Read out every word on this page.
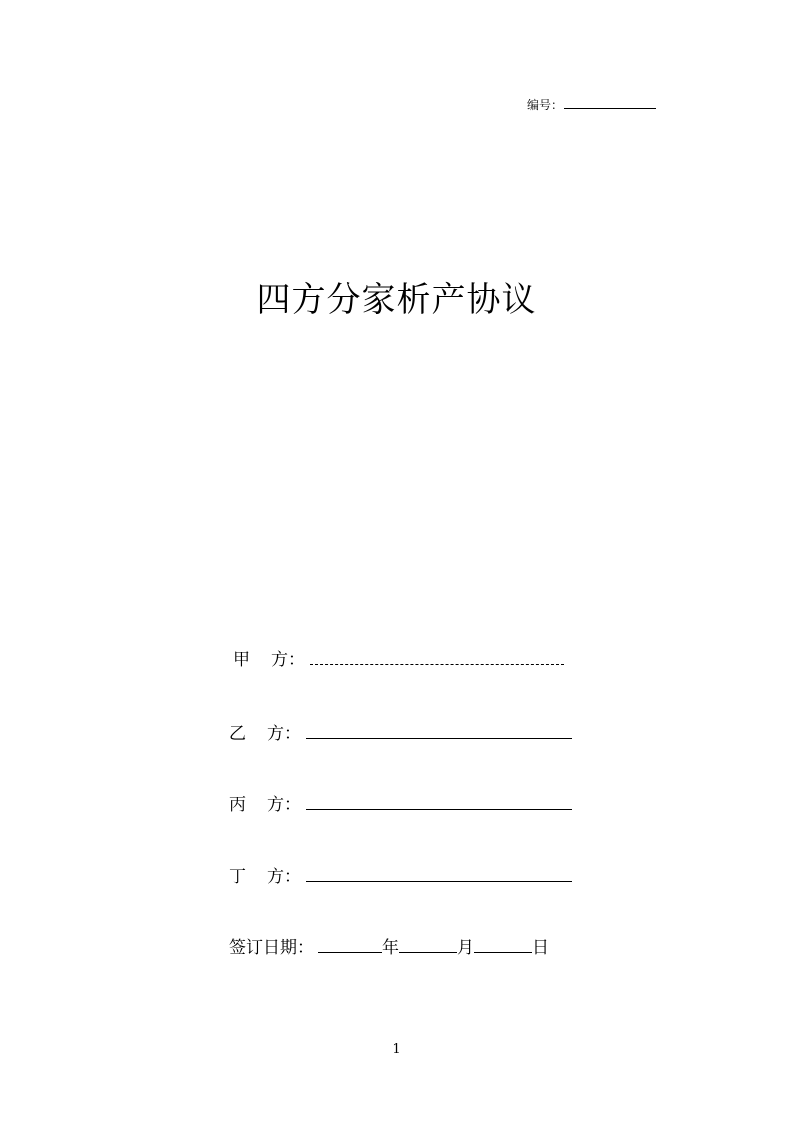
编号：
四方分家析产协议
甲 方：
乙 方：
丙 方：
丁 方：
签订日期：	年	月	日
1
